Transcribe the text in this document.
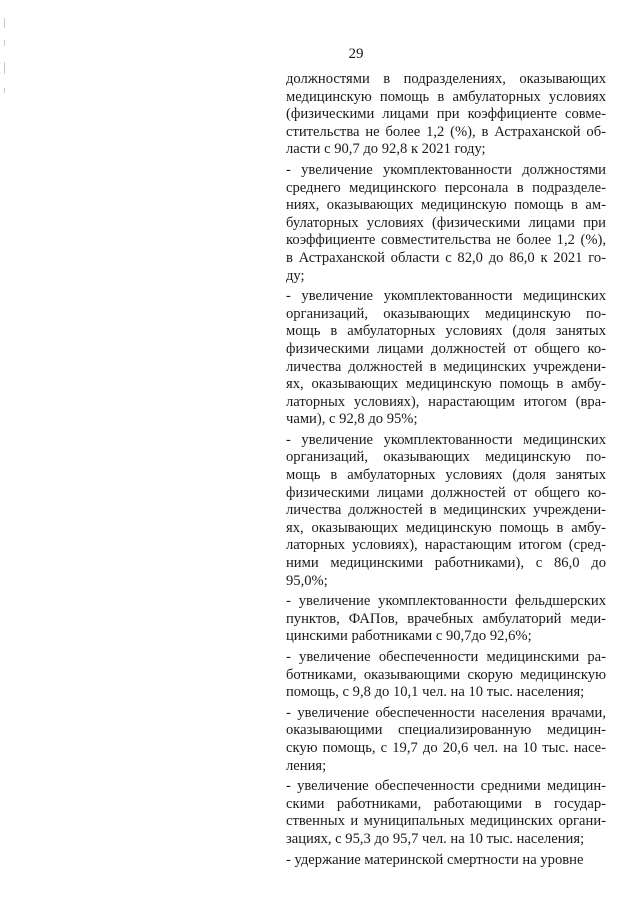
29
должностями в подразделениях, оказывающих
медицинскую помощь в амбулаторных условиях
(физическими лицами при коэффициенте совме-
стительства не более 1,2 (%), в Астраханской об-
ласти с 90,7 до 92,8 к 2021 году;
- увеличение укомплектованности должностями
среднего медицинского персонала в подразделе-
ниях, оказывающих медицинскую помощь в ам-
булаторных условиях (физическими лицами при
коэффициенте совместительства не более 1,2 (%),
в Астраханской области с 82,0 до 86,0 к 2021 го-
ду;
- увеличение укомплектованности медицинских
организаций, оказывающих медицинскую по-
мощь в амбулаторных условиях (доля занятых
физическими лицами должностей от общего ко-
личества должностей в медицинских учреждени-
ях, оказывающих медицинскую помощь в амбу-
латорных условиях), нарастающим итогом (вра-
чами), с 92,8 до 95%;
- увеличение укомплектованности медицинских
организаций, оказывающих медицинскую по-
мощь в амбулаторных условиях (доля занятых
физическими лицами должностей от общего ко-
личества должностей в медицинских учреждени-
ях, оказывающих медицинскую помощь в амбу-
латорных условиях), нарастающим итогом (сред-
ними медицинскими работниками), с 86,0 до
95,0%;
- увеличение укомплектованности фельдшерских
пунктов, ФАПов, врачебных амбулаторий меди-
цинскими работниками с 90,7до 92,6%;
- увеличение обеспеченности медицинскими ра-
ботниками, оказывающими скорую медицинскую
помощь, с 9,8 до 10,1 чел. на 10 тыс. населения;
- увеличение обеспеченности населения врачами,
оказывающими специализированную медицин-
скую помощь, с 19,7 до 20,6 чел. на 10 тыс. насе-
ления;
- увеличение обеспеченности средними медицин-
скими работниками, работающими в государ-
ственных и муниципальных медицинских органи-
зациях, с 95,3 до 95,7 чел. на 10 тыс. населения;
- удержание материнской смертности на уровне
